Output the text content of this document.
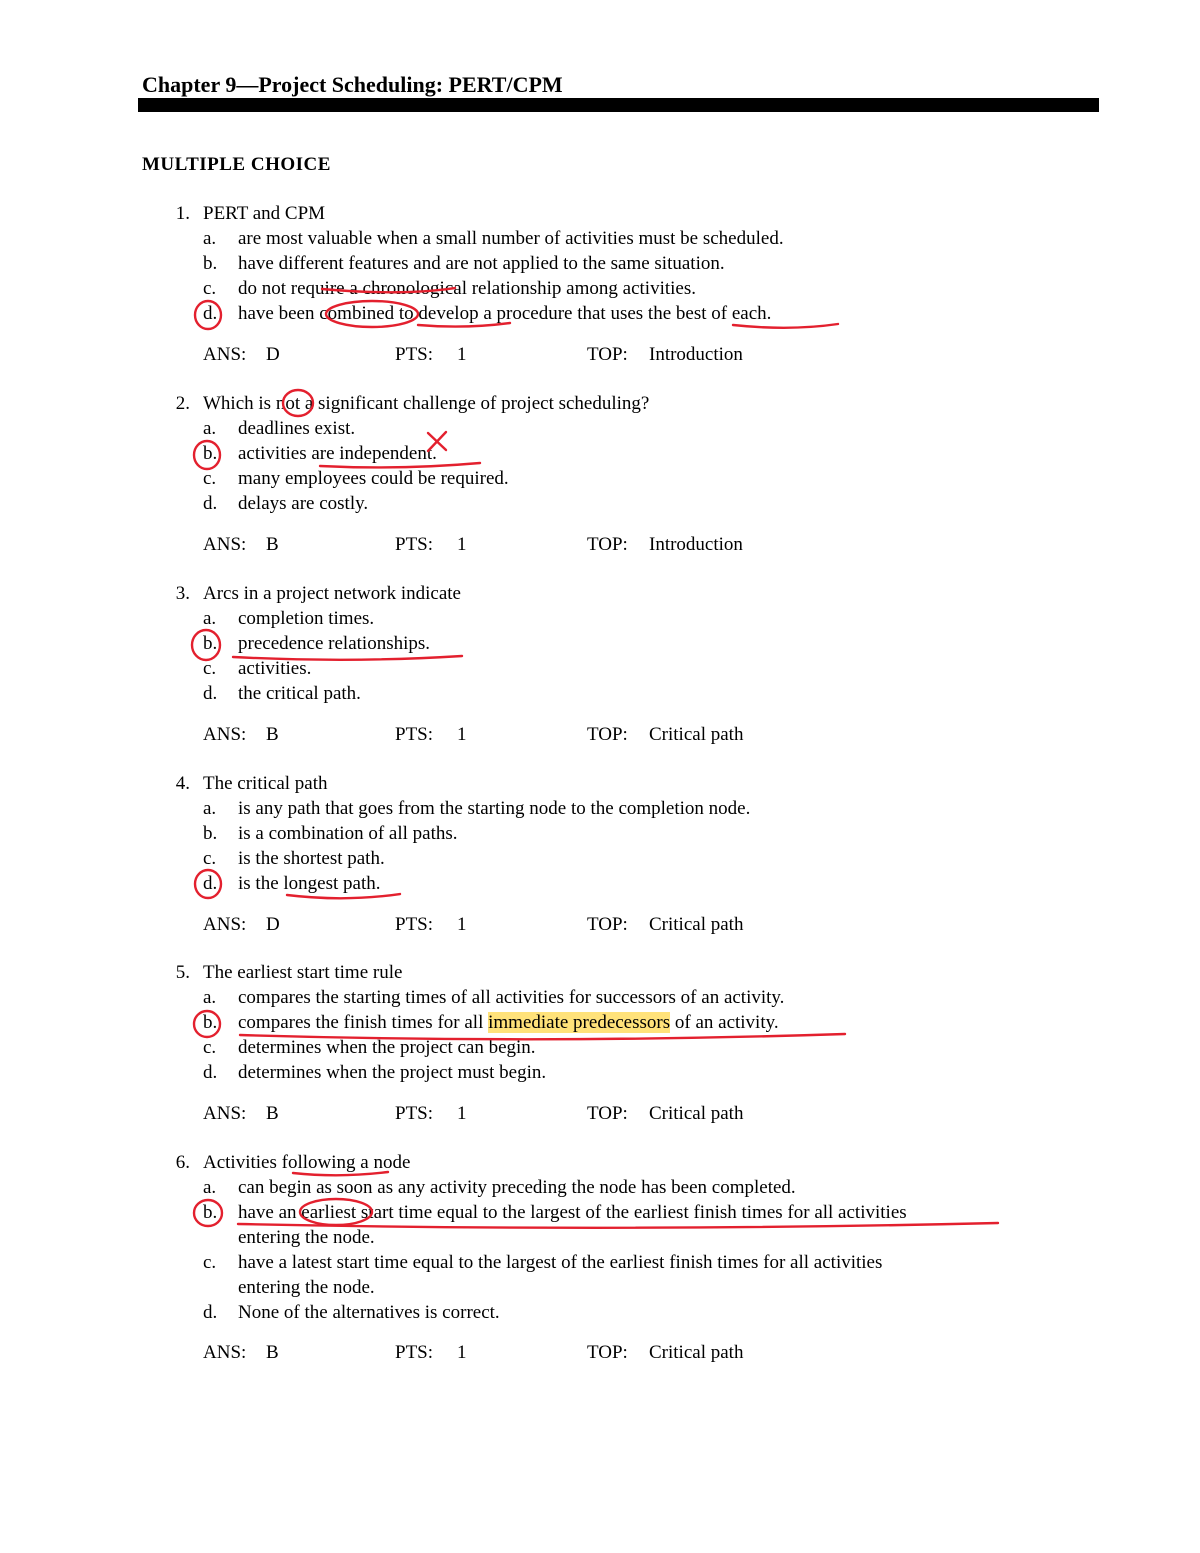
Chapter 9—Project Scheduling: PERT/CPM
MULTIPLE CHOICE
1. PERT and CPM
a. are most valuable when a small number of activities must be scheduled.
b. have different features and are not applied to the same situation.
c. do not require a chronological relationship among activities.
d. have been combined to develop a procedure that uses the best of each.
ANS: D	PTS: 1	TOP: Introduction
2. Which is not a significant challenge of project scheduling?
a. deadlines exist.
b. activities are independent.
c. many employees could be required.
d. delays are costly.
ANS: B	PTS: 1	TOP: Introduction
3. Arcs in a project network indicate
a. completion times.
b. precedence relationships.
c. activities.
d. the critical path.
ANS: B	PTS: 1	TOP: Critical path
4. The critical path
a. is any path that goes from the starting node to the completion node.
b. is a combination of all paths.
c. is the shortest path.
d. is the longest path.
ANS: D	PTS: 1	TOP: Critical path
5. The earliest start time rule
a. compares the starting times of all activities for successors of an activity.
b. compares the finish times for all immediate predecessors of an activity.
c. determines when the project can begin.
d. determines when the project must begin.
ANS: B	PTS: 1	TOP: Critical path
6. Activities following a node
a. can begin as soon as any activity preceding the node has been completed.
b. have an earliest start time equal to the largest of the earliest finish times for all activities
entering the node.
c. have a latest start time equal to the largest of the earliest finish times for all activities
entering the node.
d. None of the alternatives is correct.
ANS: B	PTS: 1	TOP: Critical path
